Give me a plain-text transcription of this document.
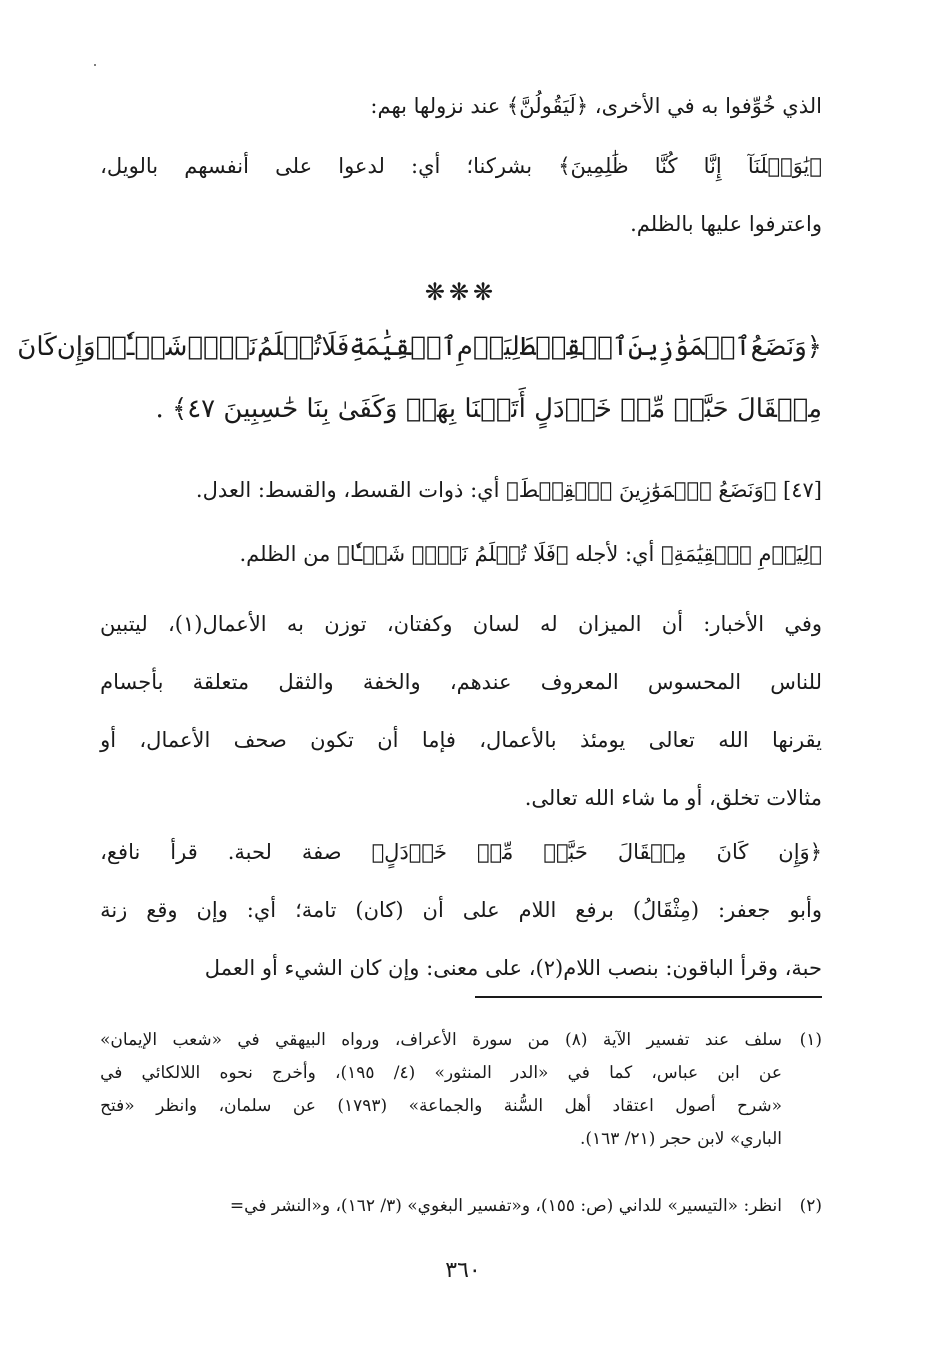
الذي خُوِّفوا به في الأخرى، ﴿لَيَقُولُنَّ﴾ عند نزولها بهم:
﴿يَٰوَيۡلَنَآ
إِنَّا
كُنَّا
ظَٰلِمِينَ﴾
بشركنا؛
أي:
لدعوا
على
أنفسهم
بالويل،
واعترفوا عليها بالظلم.
❋❋❋
﴿وَنَضَعُ
ٱلۡمَوَٰزِينَ
ٱلۡقِسۡطَ
لِيَوۡمِ
ٱلۡقِيَٰمَةِ
فَلَا
تُظۡلَمُ
نَفۡسٞ
شَيۡـٔٗاۖ
وَإِن
كَانَ
مِثۡقَالَ حَبَّةٖ مِّنۡ خَرۡدَلٍ أَتَيۡنَا بِهَاۗ وَكَفَىٰ بِنَا حَٰسِبِينَ ٤٧﴾ .
[٤٧] ﴿وَنَضَعُ ٱلۡمَوَٰزِينَ ٱلۡقِسۡطَ﴾ أي: ذوات القسط، والقسط: العدل.
﴿لِيَوۡمِ ٱلۡقِيَٰمَةِ﴾ أي: لأجله ﴿فَلَا تُظۡلَمُ نَفۡسٞ شَيۡـٔٗا﴾ من الظلم.
وفي
الأخبار:
أن
الميزان
له
لسان
وكفتان،
توزن
به
الأعمال(١)،
ليتبين
للناس
المحسوس
المعروف
عندهم،
والخفة
والثقل
متعلقة
بأجسام
يقرنها
الله
تعالى
يومئذ
بالأعمال،
فإما
أن
تكون
صحف
الأعمال،
أو
مثالات تخلق، أو ما شاء الله تعالى.
﴿وَإِن
كَانَ
مِثۡقَالَ
حَبَّةٖ
مِّنۡ
خَرۡدَلٍ﴾
صفة
لحبة.
قرأ
نافع،
وأبو
جعفر:
(مِثْقَالُ)
برفع
اللام
على
أن
(كان)
تامة؛
أي:
وإن
وقع
زنة
حبة، وقرأ الباقون: بنصب اللام(٢)، على معنى: وإن كان الشيء أو العمل
(١)
سلف
عند
تفسير
الآية
(٨)
من
سورة
الأعراف،
ورواه
البيهقي
في
«شعب
الإيمان»
عن
ابن
عباس،
كما
في
«الدر
المنثور»
(٤/
١٩٥)،
وأخرج
نحوه
اللالكائي
في
«شرح
أصول
اعتقاد
أهل
السُّنة
والجماعة»
(١٧٩٣)
عن
سلمان،
وانظر
«فتح
الباري» لابن حجر (٢١/ ١٦٣).
(٢)
انظر: «التيسير» للداني (ص: ١٥٥)، و«تفسير البغوي» (٣/ ١٦٢)، و«النشر في=
٣٦٠
